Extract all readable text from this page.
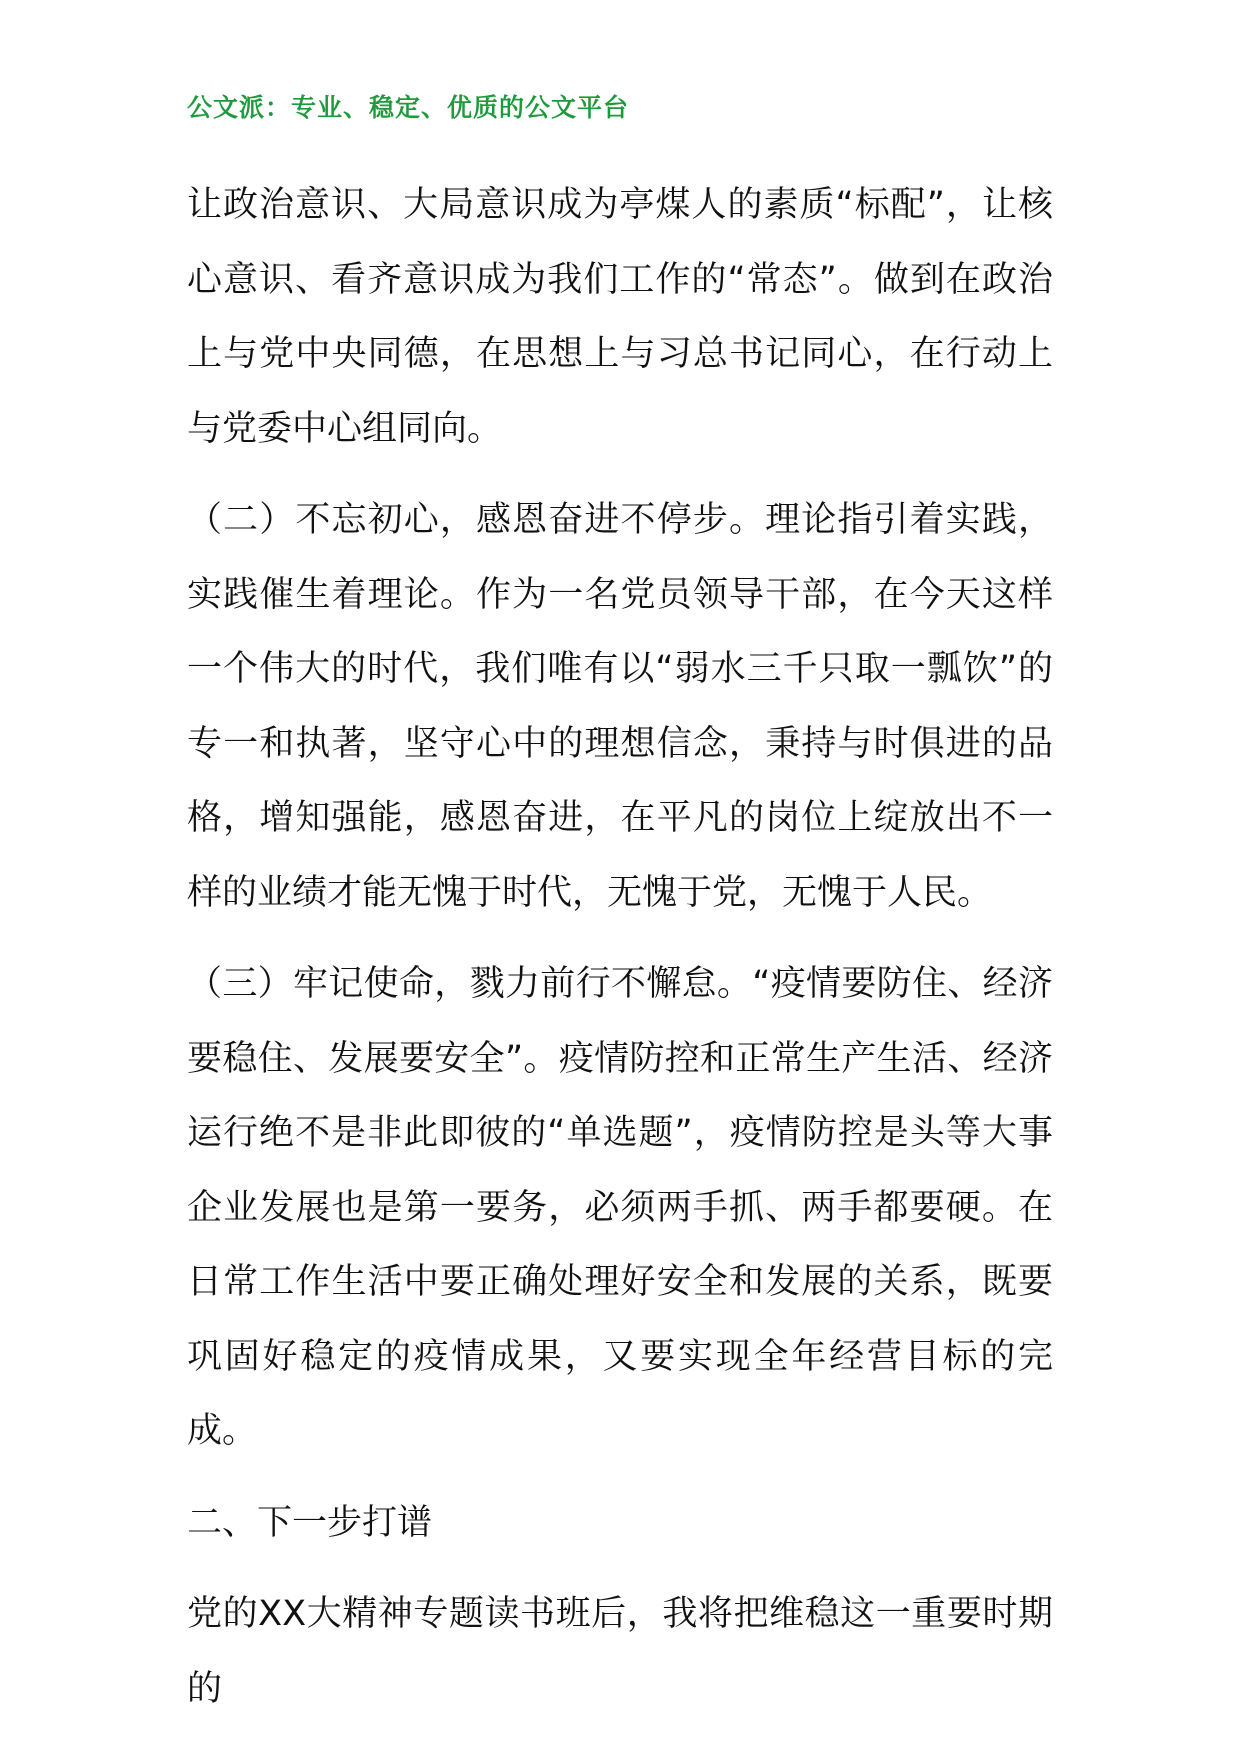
公文派：专业、稳定、优质的公文平台

让政治意识、大局意识成为亭煤人的素质“标配”，让核心意识、看齐意识成为我们工作的“常态”。做到在政治上与党中央同德，在思想上与习总书记同心，在行动上与党委中心组同向。

（二）不忘初心，感恩奋进不停步。理论指引着实践，实践催生着理论。作为一名党员领导干部，在今天这样一个伟大的时代，我们唯有以“弱水三千只取一瓢饮”的专一和执著，坚守心中的理想信念，秉持与时俱进的品格，增知强能，感恩奋进，在平凡的岗位上绽放出不一样的业绩才能无愧于时代，无愧于党，无愧于人民。

（三）牢记使命，戮力前行不懈怠。“疫情要防住、经济要稳住、发展要安全”。疫情防控和正常生产生活、经济运行绝不是非此即彼的“单选题”，疫情防控是头等大事企业发展也是第一要务，必须两手抓、两手都要硬。在日常工作生活中要正确处理好安全和发展的关系，既要巩固好稳定的疫情成果，又要实现全年经营目标的完成。

二、下一步打谱

党的XX大精神专题读书班后，我将把维稳这一重要时期的
